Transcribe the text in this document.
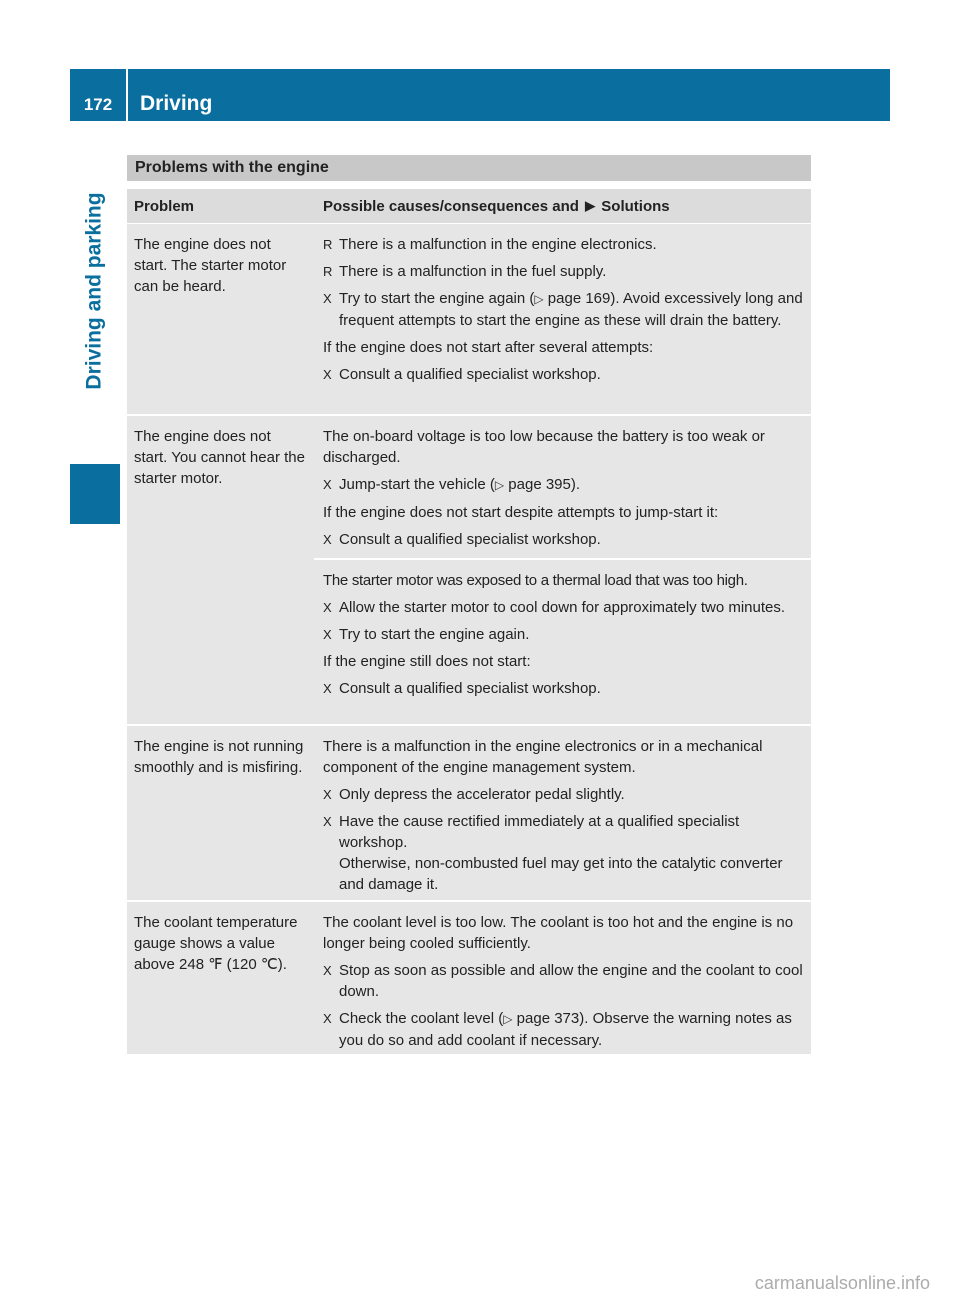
172	Driving
Driving and parking
Problems with the engine
Problem	Possible causes/consequences and
▶
Solutions
The engine does not start. The starter motor can be heard.
R There is a malfunction in the engine electronics.
R There is a malfunction in the fuel supply.
X Try to start the engine again (▷ page 169). Avoid excessively long and frequent attempts to start the engine as these will drain the battery.
If the engine does not start after several attempts:
X Consult a qualified specialist workshop.
The engine does not start. You cannot hear the starter motor.
The on-board voltage is too low because the battery is too weak or discharged.
X Jump-start the vehicle (▷ page 395).
If the engine does not start despite attempts to jump-start it:
X Consult a qualified specialist workshop.
The starter motor was exposed to a thermal load that was too high.
X Allow the starter motor to cool down for approximately two minutes.
X Try to start the engine again.
If the engine still does not start:
X Consult a qualified specialist workshop.
The engine is not running smoothly and is misfiring.
There is a malfunction in the engine electronics or in a mechanical component of the engine management system.
X Only depress the accelerator pedal slightly.
X Have the cause rectified immediately at a qualified specialist workshop.
Otherwise, non-combusted fuel may get into the catalytic converter and damage it.
The coolant temperature gauge shows a value above 248 ℉ (120 ℃).
The coolant level is too low. The coolant is too hot and the engine is no longer being cooled sufficiently.
X Stop as soon as possible and allow the engine and the coolant to cool down.
X Check the coolant level (▷ page 373). Observe the warning notes as you do so and add coolant if necessary.
carmanualsonline.info
